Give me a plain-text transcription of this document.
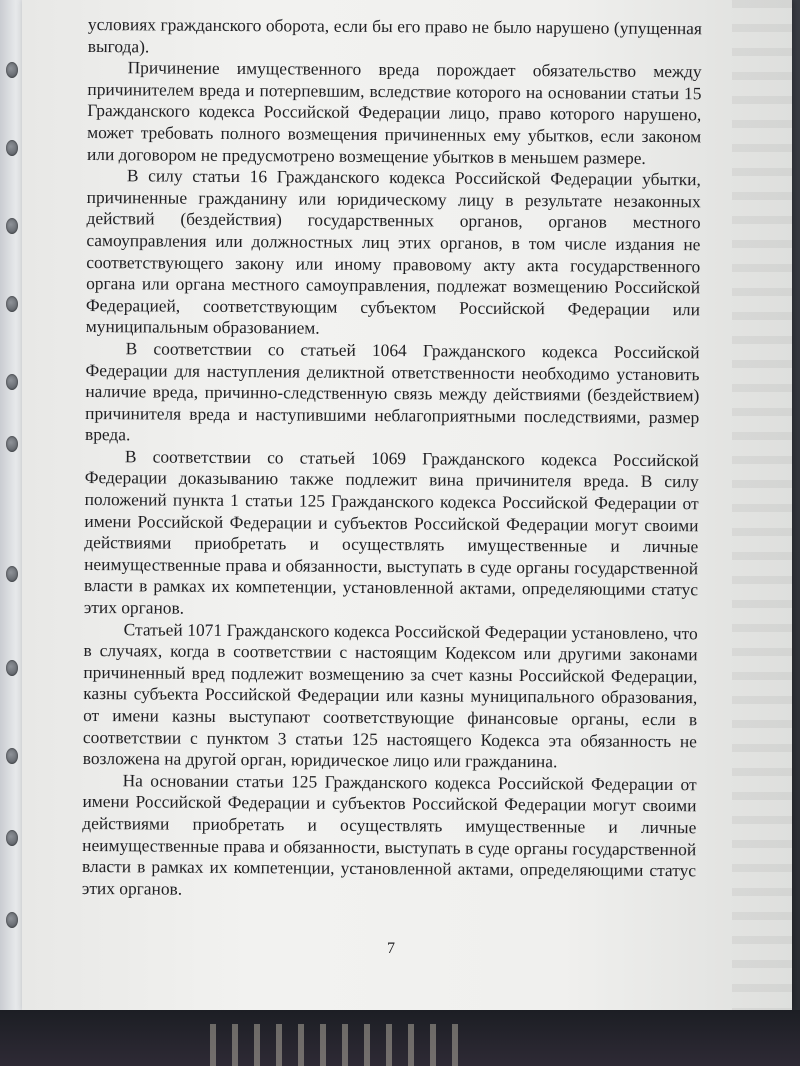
условиях гражданского оборота, если бы его право не было нарушено (упущенная выгода).

Причинение имущественного вреда порождает обязательство между причинителем вреда и потерпевшим, вследствие которого на основании статьи 15 Гражданского кодекса Российской Федерации лицо, право которого нарушено, может требовать полного возмещения причиненных ему убытков, если законом или договором не предусмотрено возмещение убытков в меньшем размере.

В силу статьи 16 Гражданского кодекса Российской Федерации убытки, причиненные гражданину или юридическому лицу в результате незаконных действий (бездействия) государственных органов, органов местного самоуправления или должностных лиц этих органов, в том числе издания не соответствующего закону или иному правовому акту акта государственного органа или органа местного самоуправления, подлежат возмещению Российской Федерацией, соответствующим субъектом Российской Федерации или муниципальным образованием.

В соответствии со статьей 1064 Гражданского кодекса Российской Федерации для наступления деликтной ответственности необходимо установить наличие вреда, причинно-следственную связь между действиями (бездействием) причинителя вреда и наступившими неблагоприятными последствиями, размер вреда.

В соответствии со статьей 1069 Гражданского кодекса Российской Федерации доказыванию также подлежит вина причинителя вреда. В силу положений пункта 1 статьи 125 Гражданского кодекса Российской Федерации от имени Российской Федерации и субъектов Российской Федерации могут своими действиями приобретать и осуществлять имущественные и личные неимущественные права и обязанности, выступать в суде органы государственной власти в рамках их компетенции, установленной актами, определяющими статус этих органов.

Статьей 1071 Гражданского кодекса Российской Федерации установлено, что в случаях, когда в соответствии с настоящим Кодексом или другими законами причиненный вред подлежит возмещению за счет казны Российской Федерации, казны субъекта Российской Федерации или казны муниципального образования, от имени казны выступают соответствующие финансовые органы, если в соответствии с пунктом 3 статьи 125 настоящего Кодекса эта обязанность не возложена на другой орган, юридическое лицо или гражданина.

На основании статьи 125 Гражданского кодекса Российской Федерации от имени Российской Федерации и субъектов Российской Федерации могут своими действиями приобретать и осуществлять имущественные и личные неимущественные права и обязанности, выступать в суде органы государственной власти в рамках их компетенции, установленной актами, определяющими статус этих органов.

7
